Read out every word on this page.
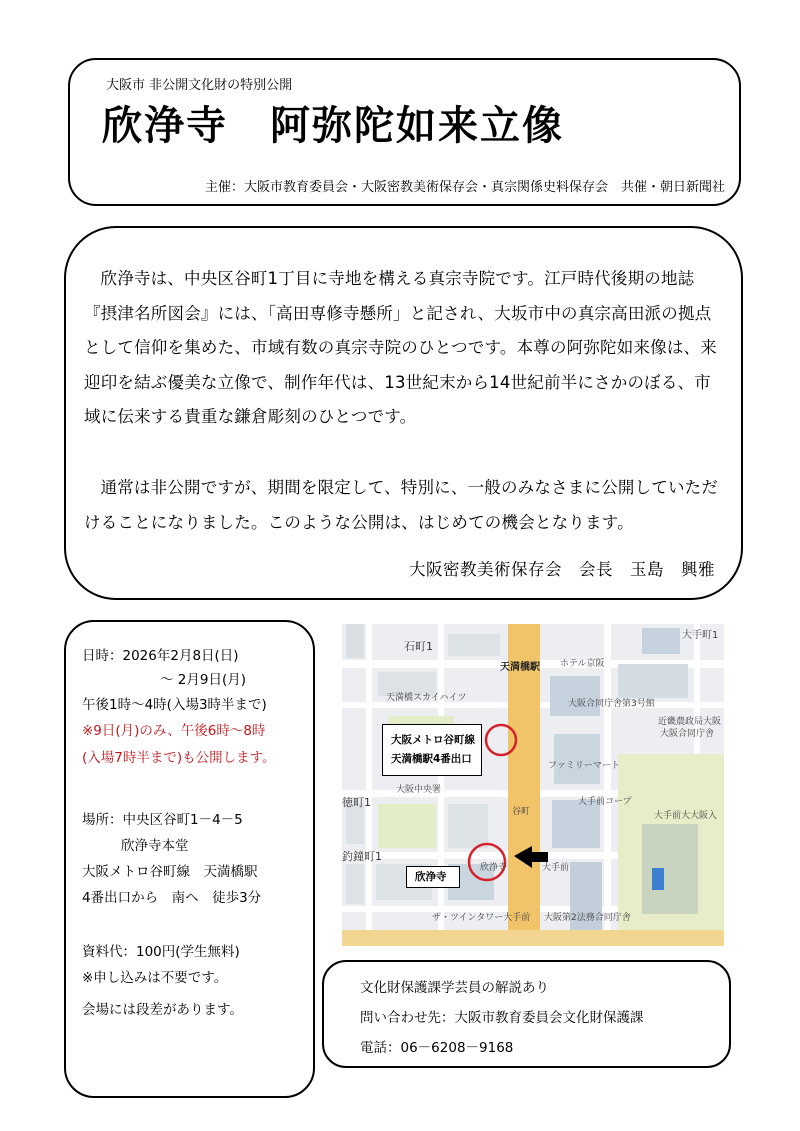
大阪市 非公開文化財の特別公開
欣浄寺　阿弥陀如来立像
主催：大阪市教育委員会・大阪密教美術保存会・真宗関係史料保存会　共催・朝日新聞社

欣浄寺は、中央区谷町1丁目に寺地を構える真宗寺院です。江戸時代後期の地誌『摂津名所図会』には、「高田専修寺懸所」と記され、大坂市中の真宗高田派の拠点として信仰を集めた、市域有数の真宗寺院のひとつです。本尊の阿弥陀如来像は、来迎印を結ぶ優美な立像で、制作年代は、13世紀末から14世紀前半にさかのぼる、市域に伝来する貴重な鎌倉彫刻のひとつです。

通常は非公開ですが、期間を限定して、特別に、一般のみなさまに公開していただけることになりました。このような公開は、はじめての機会となります。

大阪密教美術保存会　会長　玉島　興雅
日時：2026年2月8日(日)
～ 2月9日(月)
午後1時～4時(入場3時半まで)
※9日(月)のみ、午後6時～8時
(入場7時半まで)も公開します。
場所：中央区谷町1－4－5
欣浄寺本堂
大阪メトロ谷町線　天満橋駅
4番出口から　南へ　徒歩3分
資料代：100円(学生無料)
※申し込みは不要です。
会場には段差があります。
石町1
天満橋駅 ホテル京阪
大手町1
天満橋スカイハイツ
大阪合同庁舎第3号館
近畿農政局大阪
大阪合同庁舎
ファミリーマート
大阪中央署
大手前コープ
大手前大大阪入
徳町1
谷町
釣鐘町1
欣浄寺
ザ・ツインタワー大手前 大阪第2法務合同庁舎
大手前
大阪メトロ谷町線
天満橋駅4番出口
欣浄寺
文化財保護課学芸員の解説あり
問い合わせ先：大阪市教育委員会文化財保護課
電話：06－6208－9168
